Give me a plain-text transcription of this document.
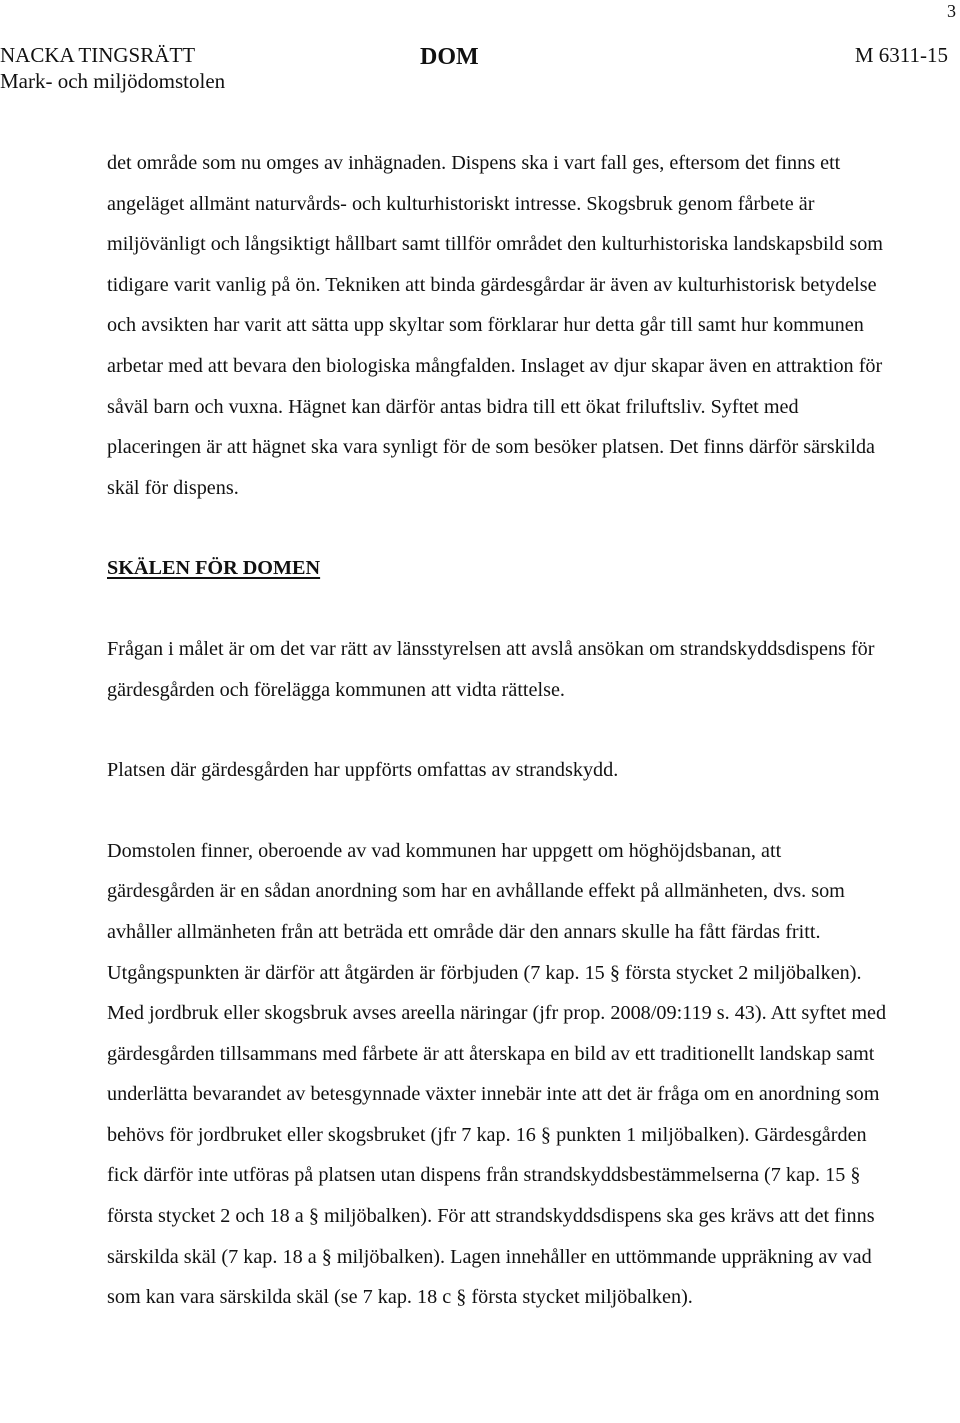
3
NACKA TINGSRÄTT
Mark- och miljödomstolen
DOM	M 6311-15

det område som nu omges av inhägnaden. Dispens ska i vart fall ges, eftersom det finns ett angeläget allmänt naturvårds- och kulturhistoriskt intresse. Skogsbruk genom fårbete är miljövänligt och långsiktigt hållbart samt tillför området den kulturhistoriska landskapsbild som tidigare varit vanlig på ön. Tekniken att binda gärdesgårdar är även av kulturhistorisk betydelse och avsikten har varit att sätta upp skyltar som förklarar hur detta går till samt hur kommunen arbetar med att bevara den biologiska mångfalden. Inslaget av djur skapar även en attraktion för såväl barn och vuxna. Hägnet kan därför antas bidra till ett ökat friluftsliv. Syftet med placeringen är att hägnet ska vara synligt för de som besöker platsen. Det finns därför särskilda skäl för dispens.

SKÄLEN FÖR DOMEN

Frågan i målet är om det var rätt av länsstyrelsen att avslå ansökan om strandskyddsdispens för gärdesgården och förelägga kommunen att vidta rättelse.

Platsen där gärdesgården har uppförts omfattas av strandskydd.

Domstolen finner, oberoende av vad kommunen har uppgett om höghöjdsbanan, att gärdesgården är en sådan anordning som har en avhållande effekt på allmänheten, dvs. som avhåller allmänheten från att beträda ett område där den annars skulle ha fått färdas fritt. Utgångspunkten är därför att åtgärden är förbjuden (7 kap. 15 § första stycket 2 miljöbalken). Med jordbruk eller skogsbruk avses areella näringar (jfr prop. 2008/09:119 s. 43). Att syftet med gärdesgården tillsammans med fårbete är att återskapa en bild av ett traditionellt landskap samt underlätta bevarandet av betesgynnade växter innebär inte att det är fråga om en anordning som behövs för jordbruket eller skogsbruket (jfr 7 kap. 16 § punkten 1 miljöbalken). Gärdesgården fick därför inte utföras på platsen utan dispens från strandskyddsbestämmelserna (7 kap. 15 § första stycket 2 och 18 a § miljöbalken). För att strandskyddsdispens ska ges krävs att det finns särskilda skäl (7 kap. 18 a § miljöbalken). Lagen innehåller en uttömmande uppräkning av vad som kan vara särskilda skäl (se 7 kap. 18 c § första stycket miljöbalken).
